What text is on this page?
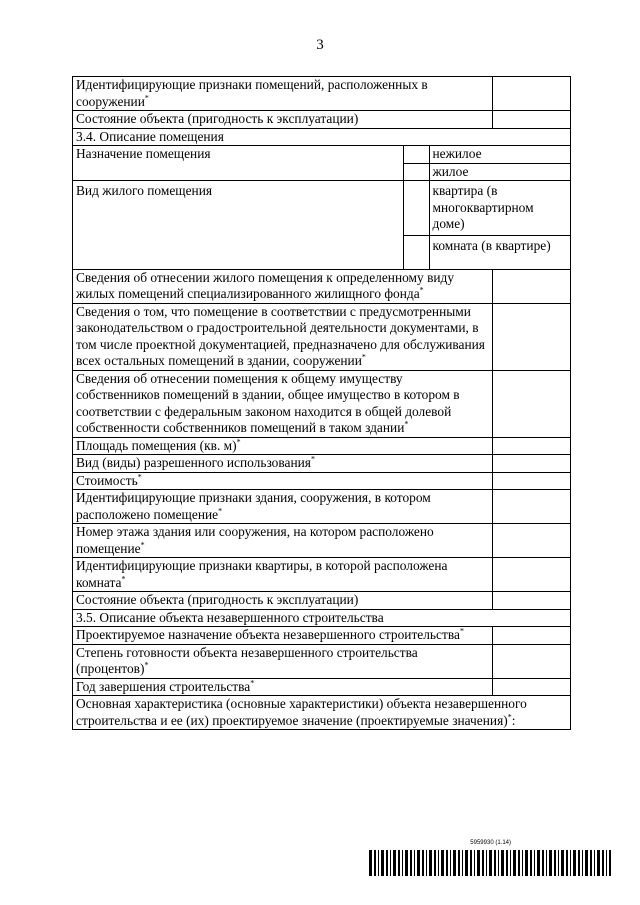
3
Идентифицирующие признаки помещений, расположенных в сооружении*	
Состояние объекта (пригодность к эксплуатации)	
3.4. Описание помещения

Назначение помещения		нежилое
	жилое

Вид жилого помещения		квартира (в многоквартирном доме)
	комната (в квартире)

Сведения об отнесении жилого помещения к определенному виду жилых помещений специализированного жилищного фонда*	
Сведения о том, что помещение в соответствии с предусмотренными законодательством о градостроительной деятельности документами, в том числе проектной документацией, предназначено для обслуживания всех остальных помещений в здании, сооружении*	
Сведения об отнесении помещения к общему имуществу собственников помещений в здании, общее имущество в котором в соответствии с федеральным законом находится в общей долевой собственности собственников помещений в таком здании*	
Площадь помещения (кв. м)*	
Вид (виды) разрешенного использования*	
Стоимость*	
Идентифицирующие признаки здания, сооружения, в котором расположено помещение*	
Номер этажа здания или сооружения, на котором расположено помещение*	
Идентифицирующие признаки квартиры, в которой расположена комната*	
Состояние объекта (пригодность к эксплуатации)	
3.5. Описание объекта незавершенного строительства
Проектируемое назначение объекта незавершенного строительства*	
Степень готовности объекта незавершенного строительства (процентов)*	
Год завершения строительства*	
Основная характеристика (основные характеристики) объекта незавершенного строительства и ее (их) проектируемое значение (проектируемые значения)*:
5959930 (1.14)
